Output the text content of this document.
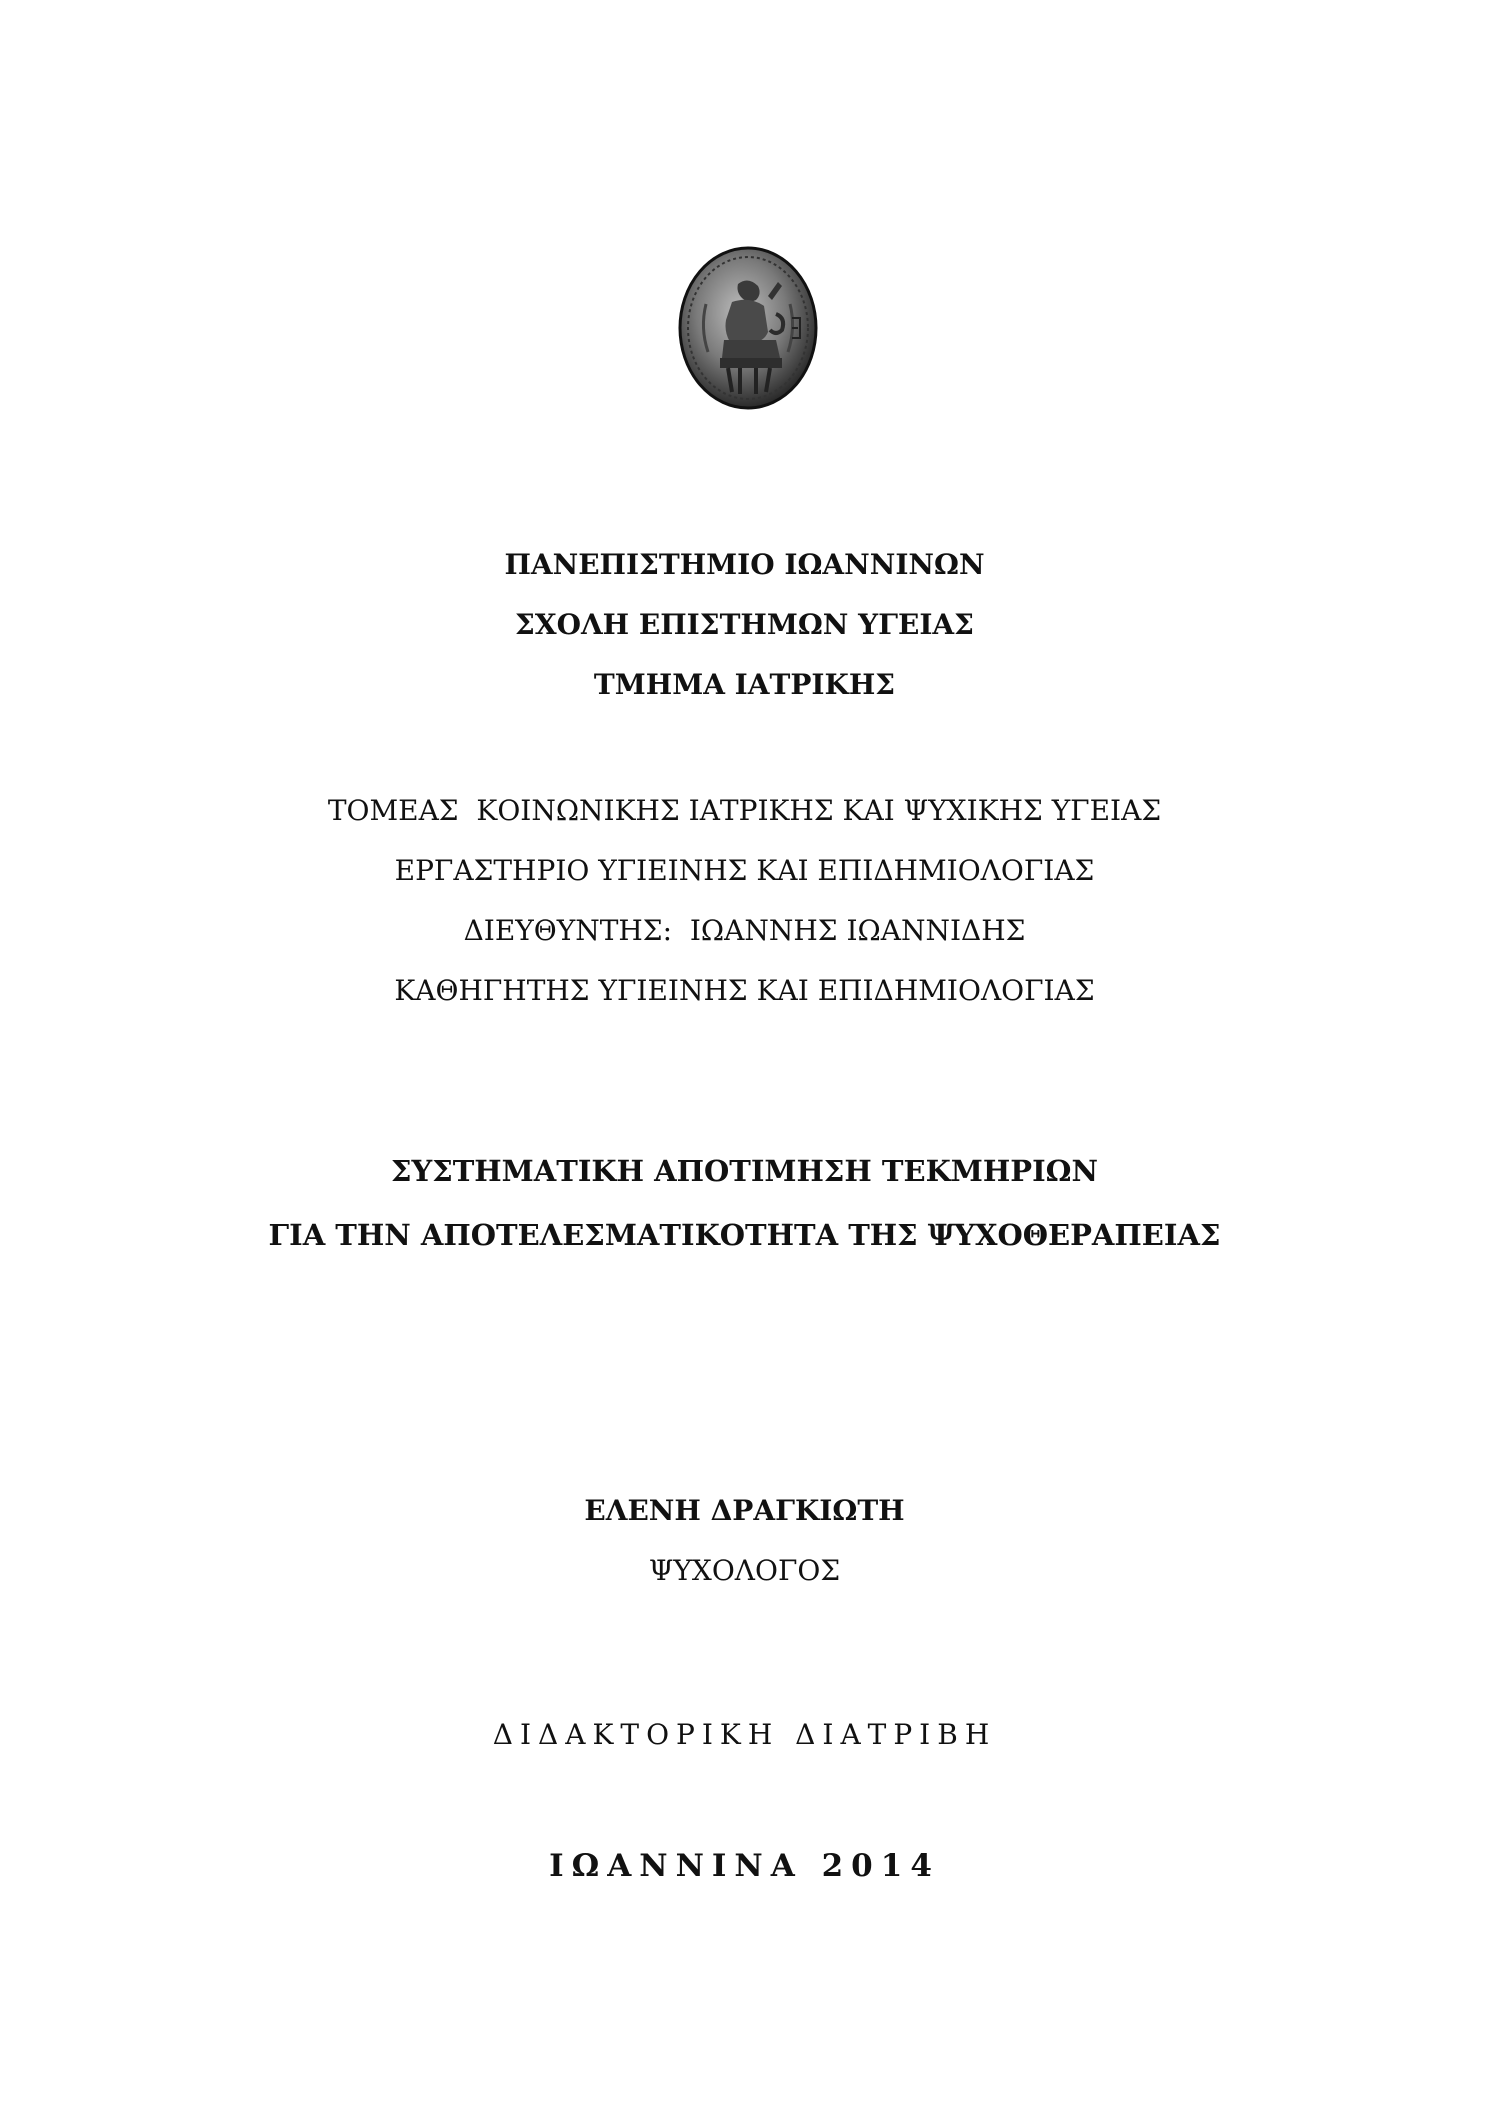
ΠΑΝΕΠΙΣΤΗΜΙΟ ΙΩΑΝΝΙΝΩΝ
ΣΧΟΛΗ ΕΠΙΣΤΗΜΩΝ ΥΓΕΙΑΣ
ΤΜΗΜΑ ΙΑΤΡΙΚΗΣ
ΤΟΜΕΑΣ  ΚΟΙΝΩΝΙΚΗΣ ΙΑΤΡΙΚΗΣ ΚΑΙ ΨΥΧΙΚΗΣ ΥΓΕΙΑΣ
ΕΡΓΑΣΤΗΡΙΟ ΥΓΙΕΙΝΗΣ ΚΑΙ ΕΠΙΔΗΜΙΟΛΟΓΙΑΣ
ΔΙΕΥΘΥΝΤΗΣ:  ΙΩΑΝΝΗΣ ΙΩΑΝΝΙΔΗΣ
ΚΑΘΗΓΗΤΗΣ ΥΓΙΕΙΝΗΣ ΚΑΙ ΕΠΙΔΗΜΙΟΛΟΓΙΑΣ
ΣΥΣΤΗΜΑΤΙΚΗ ΑΠΟΤΙΜΗΣΗ ΤΕΚΜΗΡΙΩΝ
ΓΙΑ ΤΗΝ ΑΠΟΤΕΛΕΣΜΑΤΙΚΟΤΗΤΑ ΤΗΣ ΨΥΧΟΘΕΡΑΠΕΙΑΣ
ΕΛΕΝΗ ΔΡΑΓΚΙΩΤΗ
ΨΥΧΟΛΟΓΟΣ
ΔΙΔΑΚΤΟΡΙΚΗ ΔΙΑΤΡΙΒΗ
ΙΩΑΝΝΙΝΑ 2014
